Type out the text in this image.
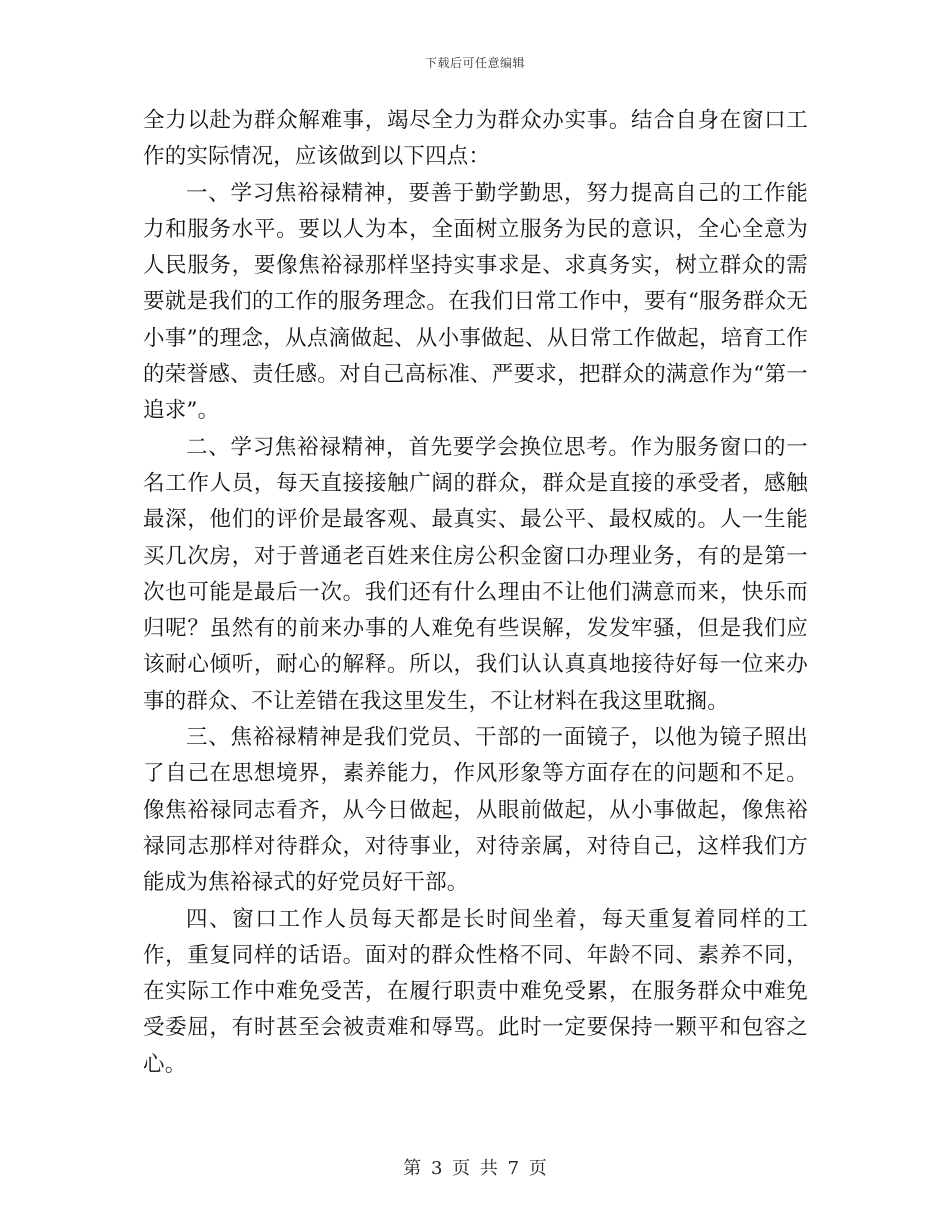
下载后可任意编辑

全力以赴为群众解难事，竭尽全力为群众办实事。结合自身在窗口工作的实际情况，应该做到以下四点：

一、学习焦裕禄精神，要善于勤学勤思，努力提高自己的工作能力和服务水平。要以人为本，全面树立服务为民的意识，全心全意为人民服务，要像焦裕禄那样坚持实事求是、求真务实，树立群众的需要就是我们的工作的服务理念。在我们日常工作中，要有“服务群众无小事”的理念，从点滴做起、从小事做起、从日常工作做起，培育工作的荣誉感、责任感。对自己高标准、严要求，把群众的满意作为“第一追求”。

二、学习焦裕禄精神，首先要学会换位思考。作为服务窗口的一名工作人员，每天直接接触广阔的群众，群众是直接的承受者，感触最深，他们的评价是最客观、最真实、最公平、最权威的。人一生能买几次房，对于普通老百姓来住房公积金窗口办理业务，有的是第一次也可能是最后一次。我们还有什么理由不让他们满意而来，快乐而归呢？虽然有的前来办事的人难免有些误解，发发牢骚，但是我们应该耐心倾听，耐心的解释。所以，我们认认真真地接待好每一位来办事的群众、不让差错在我这里发生，不让材料在我这里耽搁。

三、焦裕禄精神是我们党员、干部的一面镜子，以他为镜子照出了自己在思想境界，素养能力，作风形象等方面存在的问题和不足。像焦裕禄同志看齐，从今日做起，从眼前做起，从小事做起，像焦裕禄同志那样对待群众，对待事业，对待亲属，对待自己，这样我们方能成为焦裕禄式的好党员好干部。

四、窗口工作人员每天都是长时间坐着，每天重复着同样的工作，重复同样的话语。面对的群众性格不同、年龄不同、素养不同，在实际工作中难免受苦，在履行职责中难免受累，在服务群众中难免受委屈，有时甚至会被责难和辱骂。此时一定要保持一颗平和包容之心。

第 3 页 共 7 页
